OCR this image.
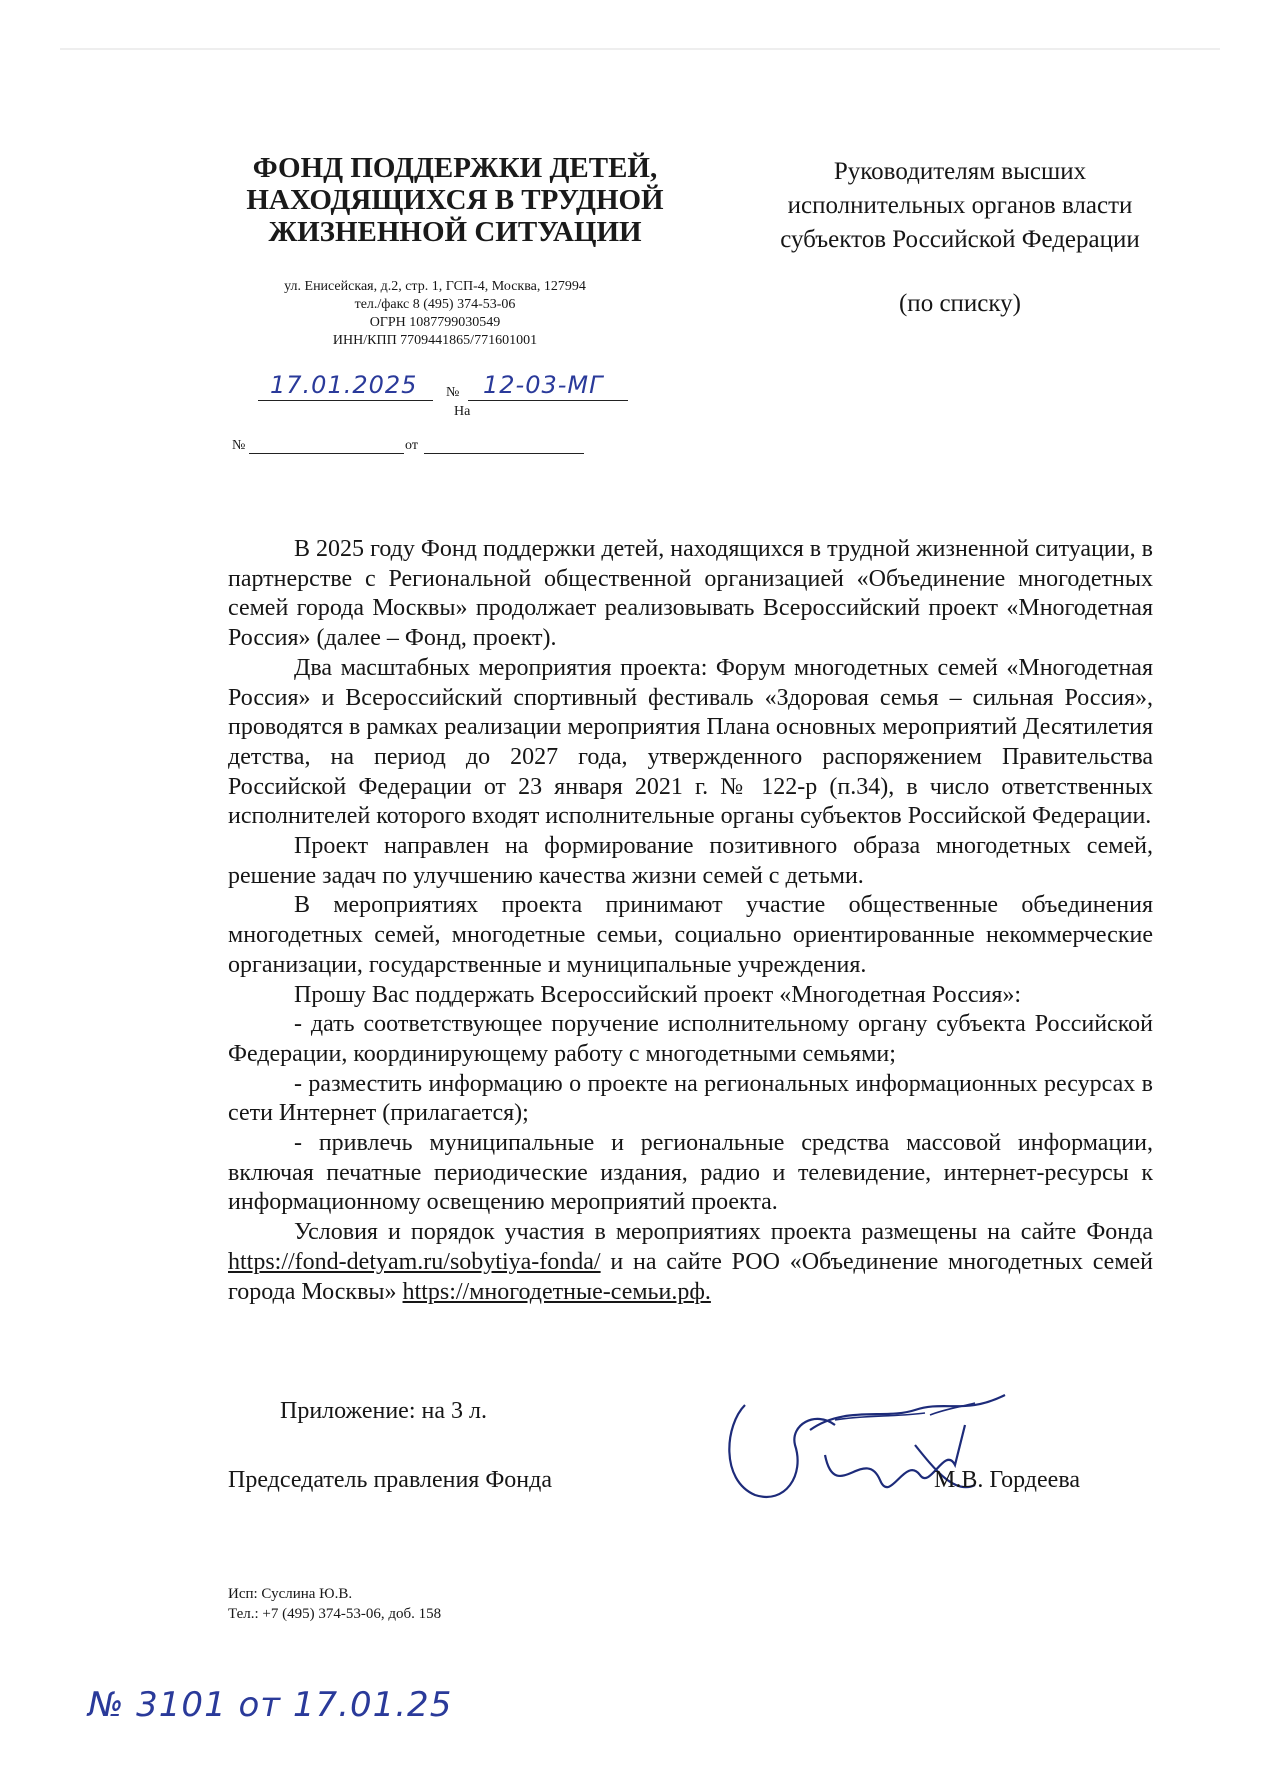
ФОНД ПОДДЕРЖКИ ДЕТЕЙ,
НАХОДЯЩИХСЯ В ТРУДНОЙ
ЖИЗНЕННОЙ СИТУАЦИИ
ул. Енисейская, д.2, стр. 1, ГСП-4, Москва, 127994
тел./факс 8 (495) 374-53-06
ОГРН 1087799030549
ИНН/КПП 7709441865/771601001
Руководителям высших
исполнительных органов власти
субъектов Российской Федерации
(по списку)
17.01.2025 № 12-03-МГ
На
№	от

В 2025 году Фонд поддержки детей, находящихся в трудной жизненной ситуации, в партнерстве с Региональной общественной организацией «Объединение многодетных семей города Москвы» продолжает реализовывать Всероссийский проект «Многодетная Россия» (далее – Фонд, проект).

Два масштабных мероприятия проекта: Форум многодетных семей «Многодетная Россия» и Всероссийский спортивный фестиваль «Здоровая семья – сильная Россия», проводятся в рамках реализации мероприятия Плана основных мероприятий Десятилетия детства, на период до 2027 года, утвержденного распоряжением Правительства Российской Федерации от 23 января 2021 г. № 122-р (п.34), в число ответственных исполнителей которого входят исполнительные органы субъектов Российской Федерации.

Проект направлен на формирование позитивного образа многодетных семей, решение задач по улучшению качества жизни семей с детьми.

В мероприятиях проекта принимают участие общественные объединения многодетных семей, многодетные семьи, социально ориентированные некоммерческие организации, государственные и муниципальные учреждения.

Прошу Вас поддержать Всероссийский проект «Многодетная Россия»:

- дать соответствующее поручение исполнительному органу субъекта Российской Федерации, координирующему работу с многодетными семьями;

- разместить информацию о проекте на региональных информационных ресурсах в сети Интернет (прилагается);

- привлечь муниципальные и региональные средства массовой информации, включая печатные периодические издания, радио и телевидение, интернет-ресурсы к информационному освещению мероприятий проекта.

Условия и порядок участия в мероприятиях проекта размещены на сайте Фонда https://fond-detyam.ru/sobytiya-fonda/ и на сайте РОО «Объединение многодетных семей города Москвы» https://многодетные-семьи.рф.

Приложение: на 3 л.
Председатель правления Фонда	М.В. Гордеева
Исп: Суслина Ю.В.
Тел.: +7 (495) 374-53-06, доб. 158
№ 3101 от 17.01.25
